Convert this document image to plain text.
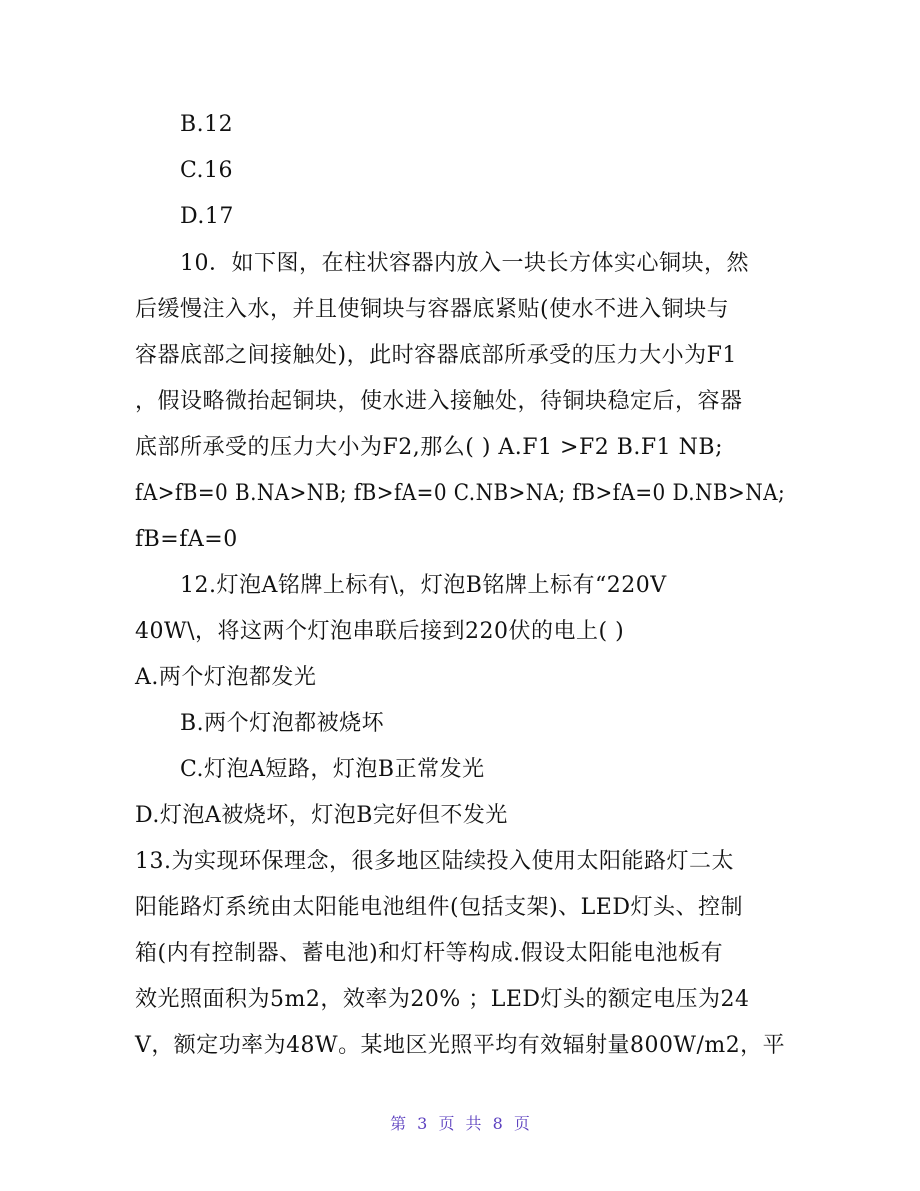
B.12
C.16
D.17
10．如下图，在柱状容器内放入一块长方体实心铜块，然
后缓慢注入水，并且使铜块与容器底紧贴(使水不进入铜块与
容器底部之间接触处)，此时容器底部所承受的压力大小为F1
，假设略微抬起铜块，使水进入接触处，待铜块稳定后，容器
底部所承受的压力大小为F2,那么( ) A.F1 >F2 B.F1 NB;
fA>fB=0 B.NA>NB; fB>fA=0 C.NB>NA; fB>fA=0 D.NB>NA;
fB=fA=0
12.灯泡A铭牌上标有\，灯泡B铭牌上标有“220V
40W\，将这两个灯泡串联后接到220伏的电上( )
A.两个灯泡都发光
B.两个灯泡都被烧坏
C.灯泡A短路，灯泡B正常发光
D.灯泡A被烧坏，灯泡B完好但不发光
13.为实现环保理念，很多地区陆续投入使用太阳能路灯二太
阳能路灯系统由太阳能电池组件(包括支架)、LED灯头、控制
箱(内有控制器、蓄电池)和灯杆等构成.假设太阳能电池板有
效光照面积为5m2，效率为20% ；LED灯头的额定电压为24
V，额定功率为48W。某地区光照平均有效辐射量800W/m2，平
第 3 页 共 8 页
